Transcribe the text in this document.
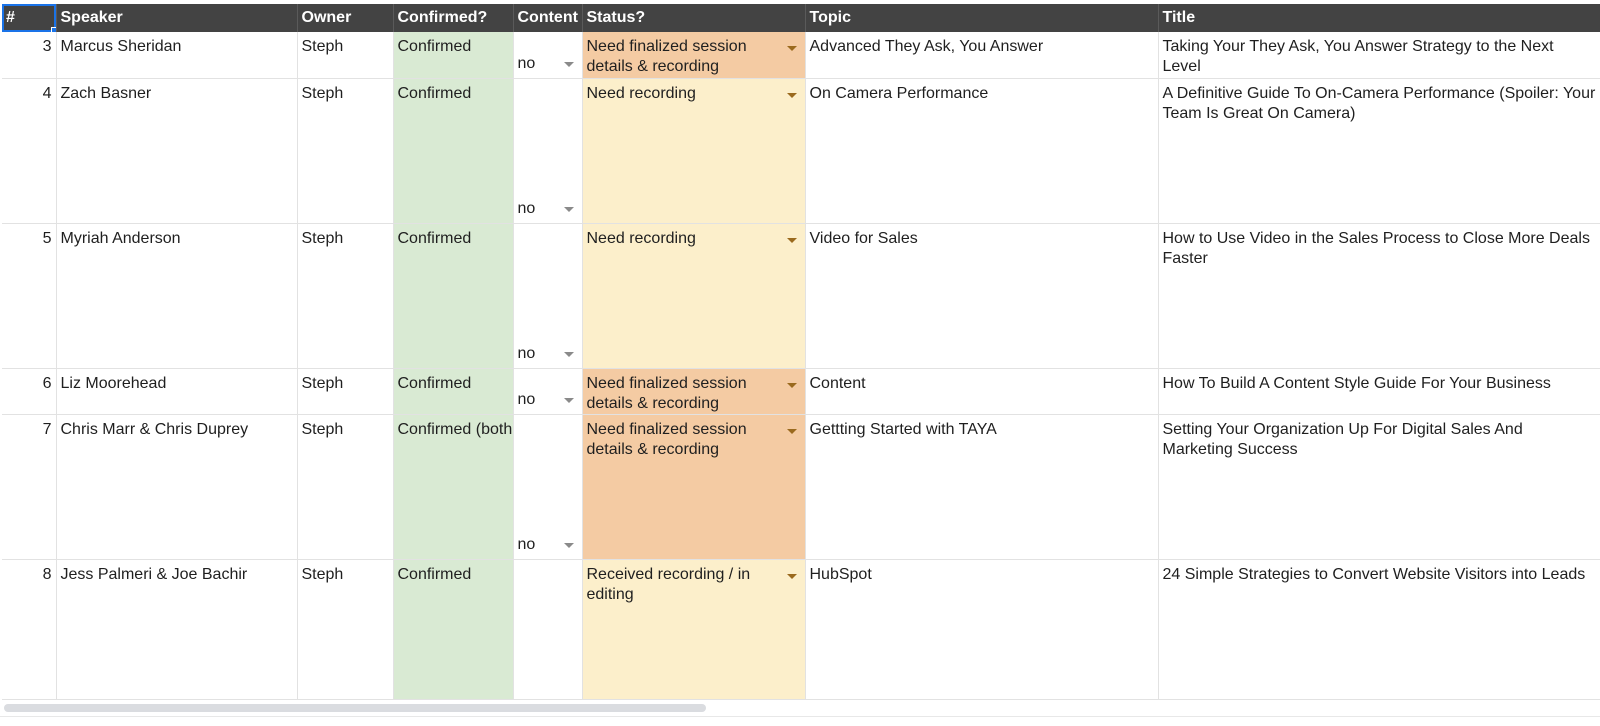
#	Speaker	Owner	Confirmed?	Content	Status?	Topic	Title
3	Marcus Sheridan	Steph	Confirmed	no	Need finalized session details & recording	Advanced They Ask, You Answer	Taking Your They Ask, You Answer Strategy to the Next Level
4	Zach Basner	Steph	Confirmed	no	Need recording	On Camera Performance	A Definitive Guide To On-Camera Performance (Spoiler: Your Team Is Great On Camera)
5	Myriah Anderson	Steph	Confirmed	no	Need recording	Video for Sales	How to Use Video in the Sales Process to Close More Deals Faster
6	Liz Moorehead	Steph	Confirmed	no	Need finalized session details & recording	Content	How To Build A Content Style Guide For Your Business
7	Chris Marr & Chris Duprey	Steph	Confirmed (both	no	Need finalized session details & recording	Gettting Started with TAYA	Setting Your Organization Up For Digital Sales And Marketing Success
8	Jess Palmeri & Joe Bachir	Steph	Confirmed		Received recording / in editing	HubSpot	24 Simple Strategies to Convert Website Visitors into Leads
